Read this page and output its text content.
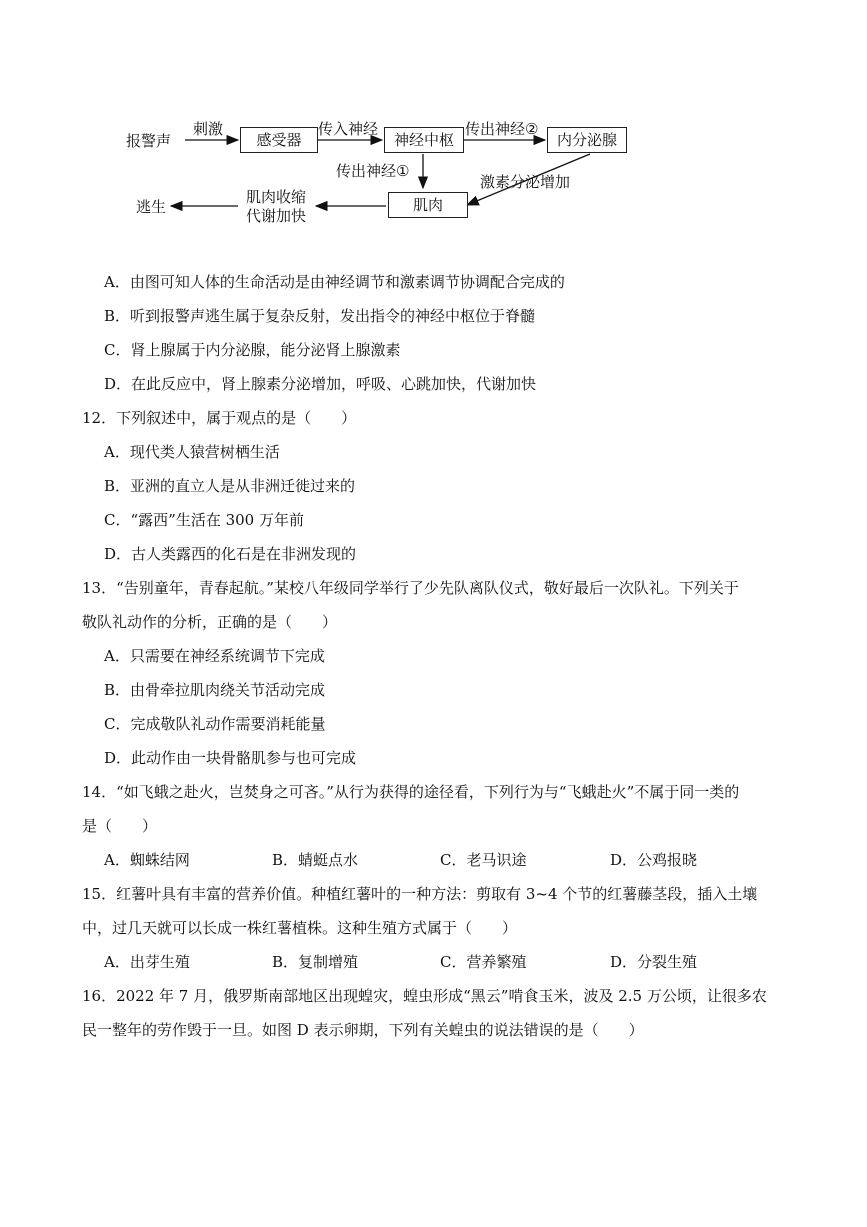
报警声
刺激
感受器
传入神经
神经中枢
传出神经②
内分泌腺
传出神经①
激素分泌增加
肌肉
肌肉收缩
代谢加快
逃生
A．由图可知人体的生命活动是由神经调节和激素调节协调配合完成的
B．听到报警声逃生属于复杂反射，发出指令的神经中枢位于脊髓
C．肾上腺属于内分泌腺，能分泌肾上腺激素
D．在此反应中，肾上腺素分泌增加，呼吸、心跳加快，代谢加快
12．下列叙述中，属于观点的是（　　）
A．现代类人猿营树栖生活
B．亚洲的直立人是从非洲迁徙过来的
C．“露西”生活在 300 万年前
D．古人类露西的化石是在非洲发现的
13．“告别童年，青春起航。”某校八年级同学举行了少先队离队仪式，敬好最后一次队礼。下列关于
敬队礼动作的分析，正确的是（　　）
A．只需要在神经系统调节下完成
B．由骨牵拉肌肉绕关节活动完成
C．完成敬队礼动作需要消耗能量
D．此动作由一块骨骼肌参与也可完成
14．“如飞蛾之赴火，岂焚身之可吝。”从行为获得的途径看，下列行为与“飞蛾赴火”不属于同一类的
是（　　）
A．蜘蛛结网	B．蜻蜓点水	C．老马识途	D．公鸡报晓
15．红薯叶具有丰富的营养价值。种植红薯叶的一种方法：剪取有 3~4 个节的红薯藤茎段，插入土壤
中，过几天就可以长成一株红薯植株。这种生殖方式属于（　　）
A．出芽生殖	B．复制增殖	C．营养繁殖	D．分裂生殖
16．2022 年 7 月，俄罗斯南部地区出现蝗灾，蝗虫形成“黑云”啃食玉米，波及 2.5 万公顷，让很多农
民一整年的劳作毁于一旦。如图 D 表示卵期，下列有关蝗虫的说法错误的是（　　）
